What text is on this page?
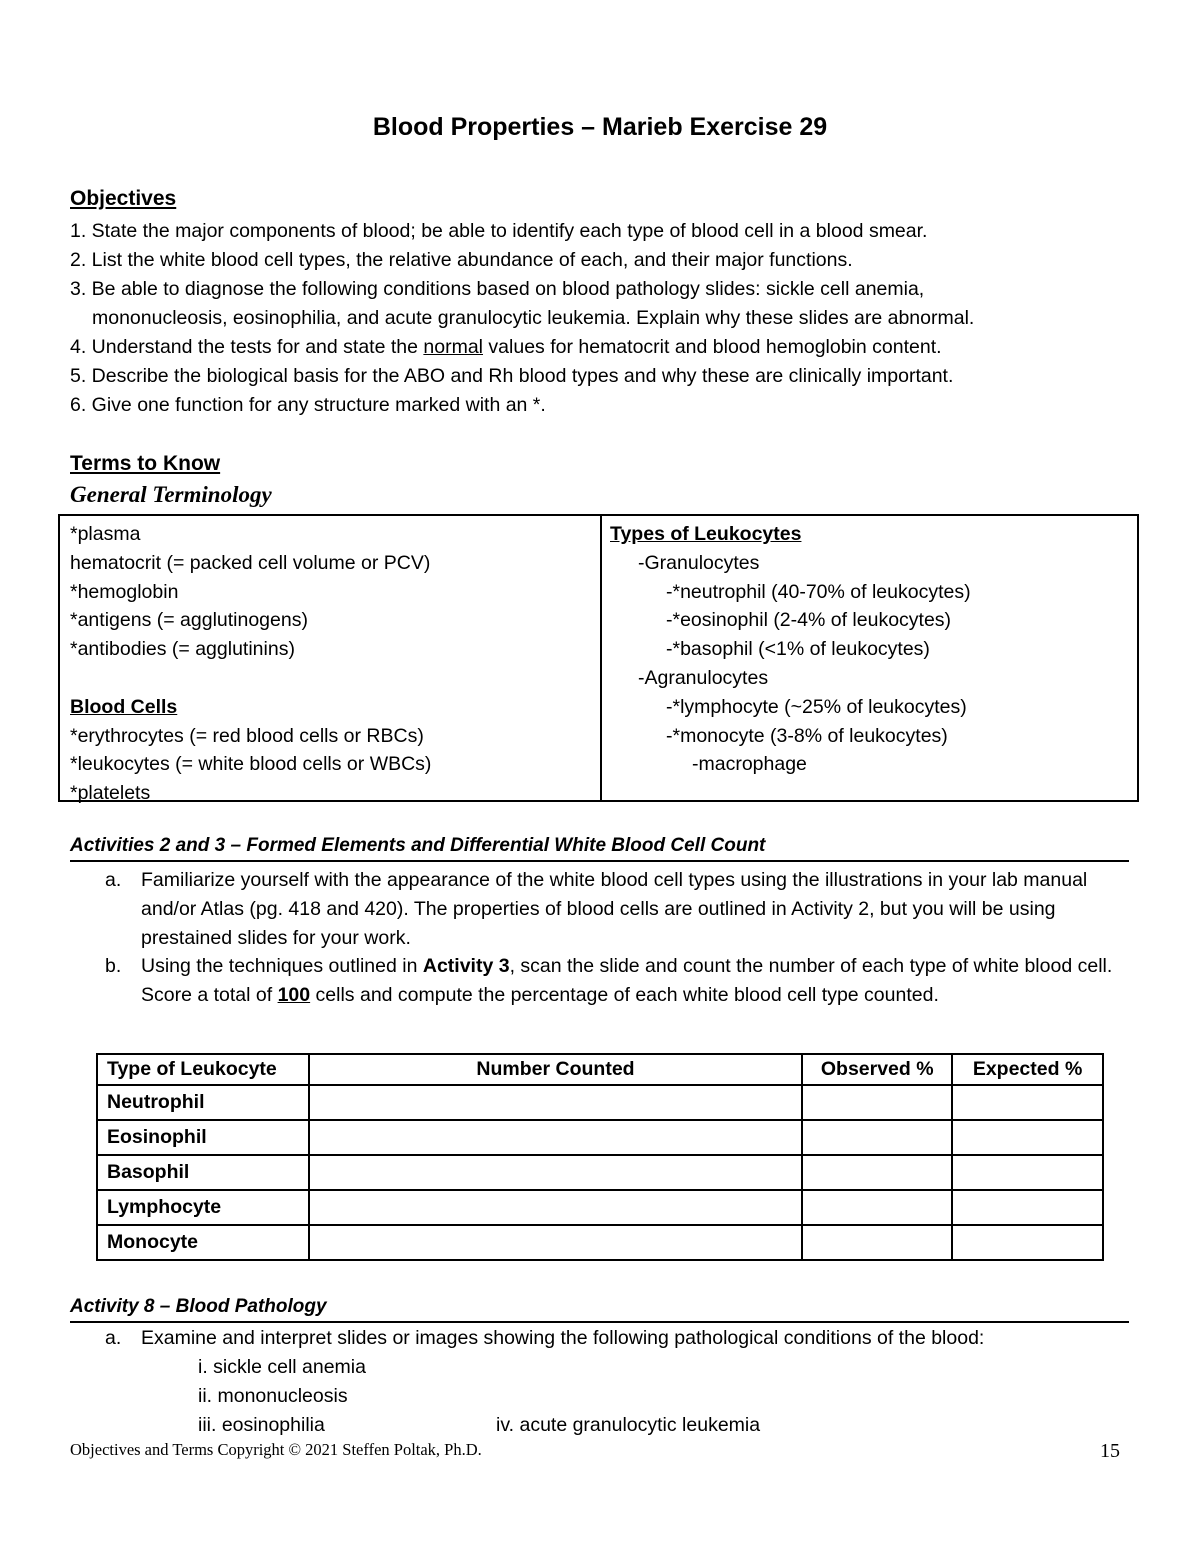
Blood Properties – Marieb Exercise 29
Objectives
1. State the major components of blood; be able to identify each type of blood cell in a blood smear.
2. List the white blood cell types, the relative abundance of each, and their major functions.
3. Be able to diagnose the following conditions based on blood pathology slides: sickle cell anemia,
mononucleosis, eosinophilia, and acute granulocytic leukemia. Explain why these slides are abnormal.
4. Understand the tests for and state the normal values for hematocrit and blood hemoglobin content.
5. Describe the biological basis for the ABO and Rh blood types and why these are clinically important.
6. Give one function for any structure marked with an *.
Terms to Know
General Terminology
*plasma
hematocrit (= packed cell volume or PCV)
*hemoglobin
*antigens (= agglutinogens)
*antibodies (= agglutinins)
Blood Cells
*erythrocytes (= red blood cells or RBCs)
*leukocytes (= white blood cells or WBCs)
*platelets
Types of Leukocytes
-Granulocytes
-*neutrophil (40-70% of leukocytes)
-*eosinophil (2-4% of leukocytes)
-*basophil (<1% of leukocytes)
-Agranulocytes
-*lymphocyte (~25% of leukocytes)
-*monocyte (3-8% of leukocytes)
-macrophage
Activities 2 and 3 – Formed Elements and Differential White Blood Cell Count
a. Familiarize yourself with the appearance of the white blood cell types using the illustrations in your lab manual and/or Atlas (pg. 418 and 420). The properties of blood cells are outlined in Activity 2, but you will be using prestained slides for your work.
b. Using the techniques outlined in Activity 3, scan the slide and count the number of each type of white blood cell. Score a total of 100 cells and compute the percentage of each white blood cell type counted.
Type of Leukocyte	Number Counted	Observed %	Expected %
Neutrophil			
Eosinophil			
Basophil			
Lymphocyte			
Monocyte			
Activity 8 – Blood Pathology
a. Examine and interpret slides or images showing the following pathological conditions of the blood:
i. sickle cell anemia
ii. mononucleosis
iii. eosinophilia	iv. acute granulocytic leukemia
Objectives and Terms Copyright © 2021 Steffen Poltak, Ph.D.	15
